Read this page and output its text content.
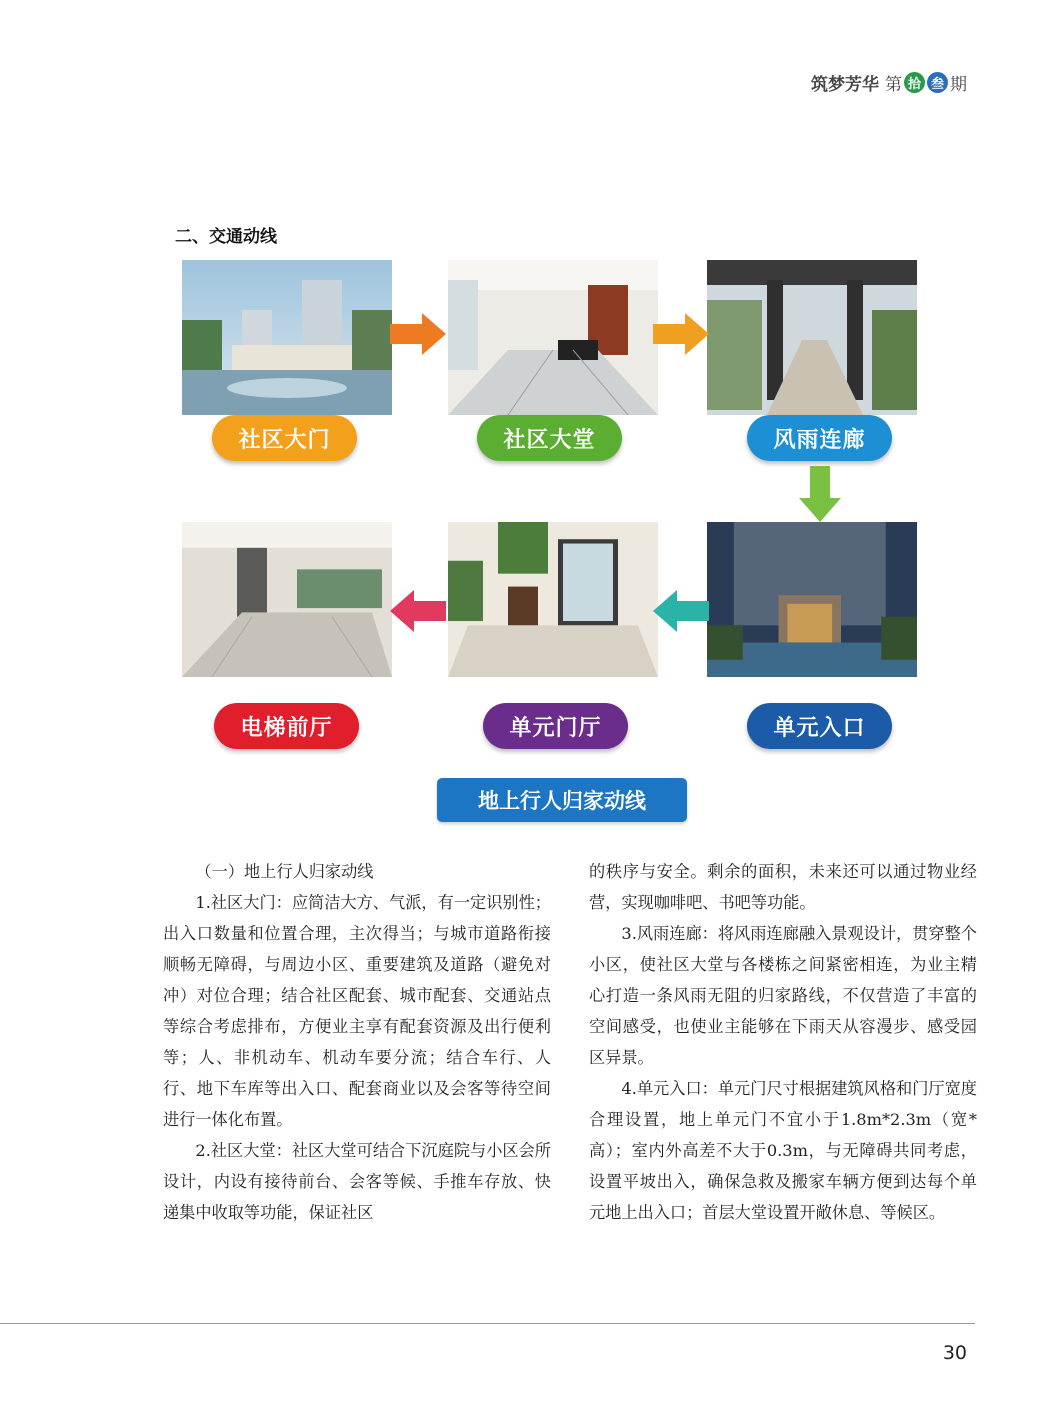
筑梦芳华 第 拾 叁 期
二、交通动线
社区大门	社区大堂	风雨连廊
单元入口
单元门厅
电梯前厅
地上行人归家动线

（一）地上行人归家动线

1.社区大门：应简洁大方、气派，有一定识别性；出入口数量和位置合理，主次得当；与城市道路衔接顺畅无障碍，与周边小区、重要建筑及道路（避免对冲）对位合理；结合社区配套、城市配套、交通站点等综合考虑排布，方便业主享有配套资源及出行便利等；人、非机动车、机动车要分流；结合车行、人行、地下车库等出入口、配套商业以及会客等待空间进行一体化布置。

2.社区大堂：社区大堂可结合下沉庭院与小区会所设计，内设有接待前台、会客等候、手推车存放、快递集中收取等功能，保证社区

的秩序与安全。剩余的面积，未来还可以通过物业经营，实现咖啡吧、书吧等功能。

3.风雨连廊：将风雨连廊融入景观设计，贯穿整个小区，使社区大堂与各楼栋之间紧密相连，为业主精心打造一条风雨无阻的归家路线，不仅营造了丰富的空间感受，也使业主能够在下雨天从容漫步、感受园区异景。

4.单元入口：单元门尺寸根据建筑风格和门厅宽度合理设置，地上单元门不宜小于1.8m*2.3m（宽*高）；室内外高差不大于0.3m，与无障碍共同考虑，设置平坡出入，确保急救及搬家车辆方便到达每个单元地上出入口；首层大堂设置开敞休息、等候区。

30
